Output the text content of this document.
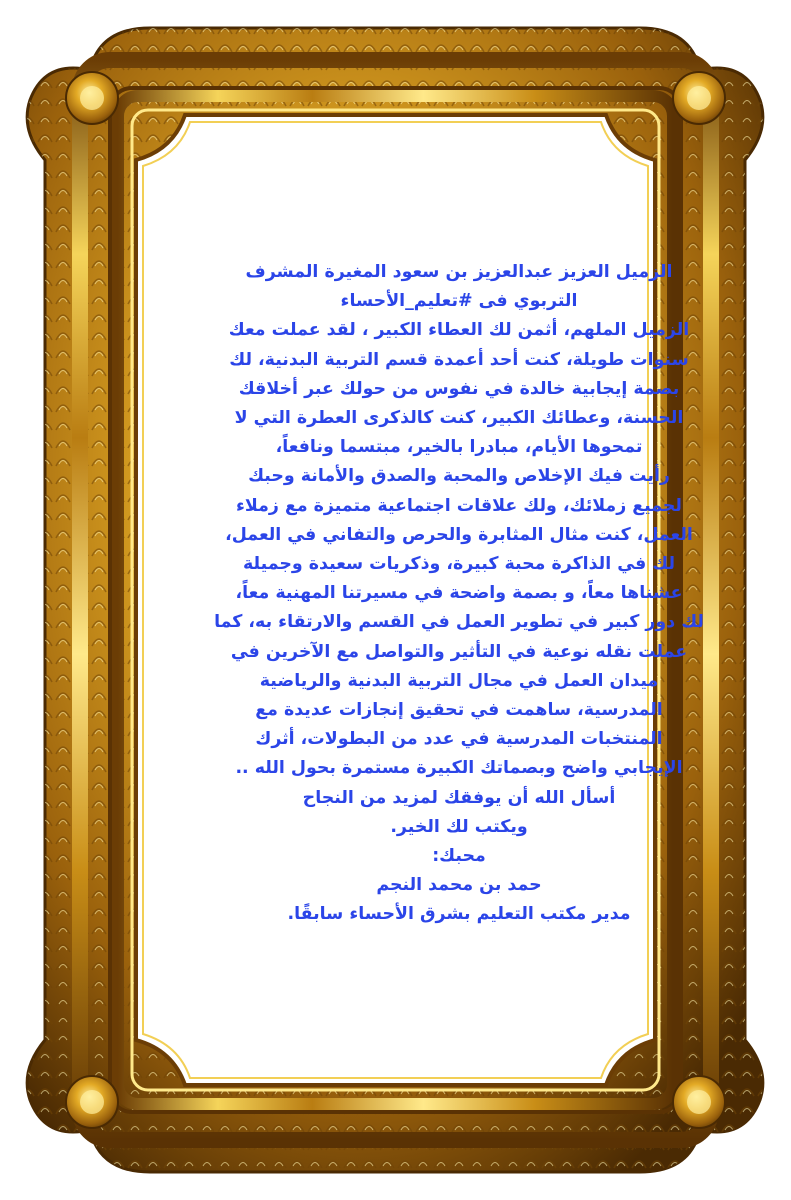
الزميل العزيز عبدالعزيز بن سعود المغيرة المشرف
التربوي فى #تعليم_الأحساء
الزميل الملهم، أثمن لك العطاء الكبير ، لقد عملت معك
سنوات طويلة، كنت أحد أعمدة قسم التربية البدنية، لك
بصمة إيجابية خالدة في نفوس من حولك عبر أخلاقك
الحسنة، وعطائك الكبير، كنت كالذكرى العطرة التي لا
تمحوها الأيام، مبادرا بالخير، مبتسما ونافعاً،
رأيت فيك الإخلاص والمحبة والصدق والأمانة وحبك
لجميع زملائك، ولك علاقات اجتماعية متميزة مع زملاء
العمل، كنت مثال المثابرة والحرص والتفاني في العمل،
لك في الذاكرة محبة كبيرة، وذكريات سعيدة وجميلة
عشناها معاً، و بصمة واضحة في مسيرتنا المهنية معاً،
لك دور كبير في تطوير العمل في القسم والارتقاء به، كما
عملت نقله نوعية في التأثير والتواصل مع الآخرين في
ميدان العمل في مجال التربية البدنية والرياضية
المدرسية، ساهمت في تحقيق إنجازات عديدة مع
المنتخبات المدرسية في عدد من البطولات، أثرك
الإيجابي واضح وبصماتك الكبيرة مستمرة بحول الله ..
أسأل الله أن يوفقك لمزيد من النجاح
ويكتب لك الخير.
محبك:
حمد بن محمد النجم
مدير مكتب التعليم بشرق الأحساء سابقًا.
